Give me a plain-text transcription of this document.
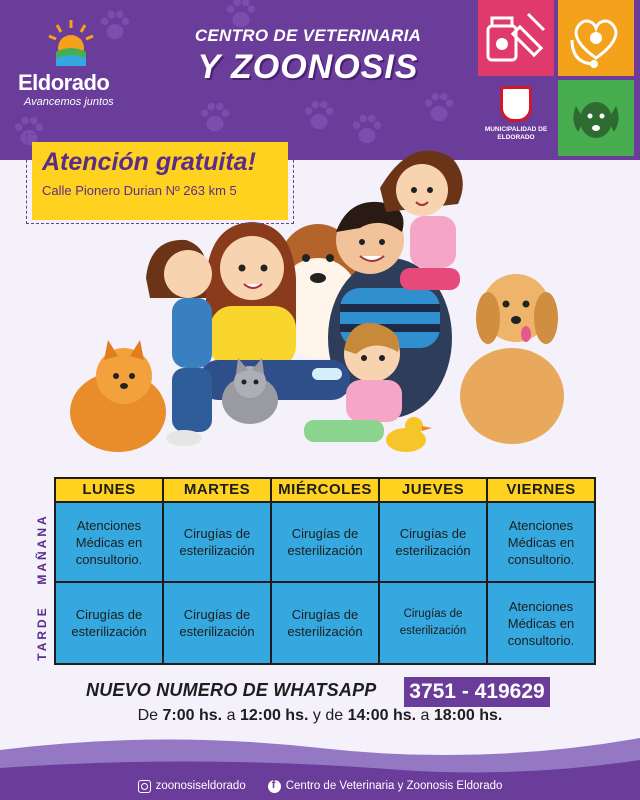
Eldorado
Avancemos juntos
CENTRO DE VETERINARIA
Y ZOONOSIS
MUNICIPALIDAD DE ELDORADO
Atención gratuita!
Calle Pionero Durian Nº 263 km 5
MAÑANA
TARDE
LUNES	MARTES	MIÉRCOLES	JUEVES	VIERNES
Atenciones Médicas en consultorio.
Cirugías de esterilización
Cirugías de esterilización
Cirugías de esterilización
Atenciones Médicas en consultorio.
Cirugías de esterilización
Cirugías de esterilización
Cirugías de esterilización
Cirugías de esterilización
Atenciones Médicas en consultorio.
NUEVO NUMERO DE WHATSAPP 3751 - 419629
De 7:00 hs. a 12:00 hs. y de 14:00 hs. a 18:00 hs.
zoonosiseldorado
f	Centro de Veterinaria y Zoonosis Eldorado
